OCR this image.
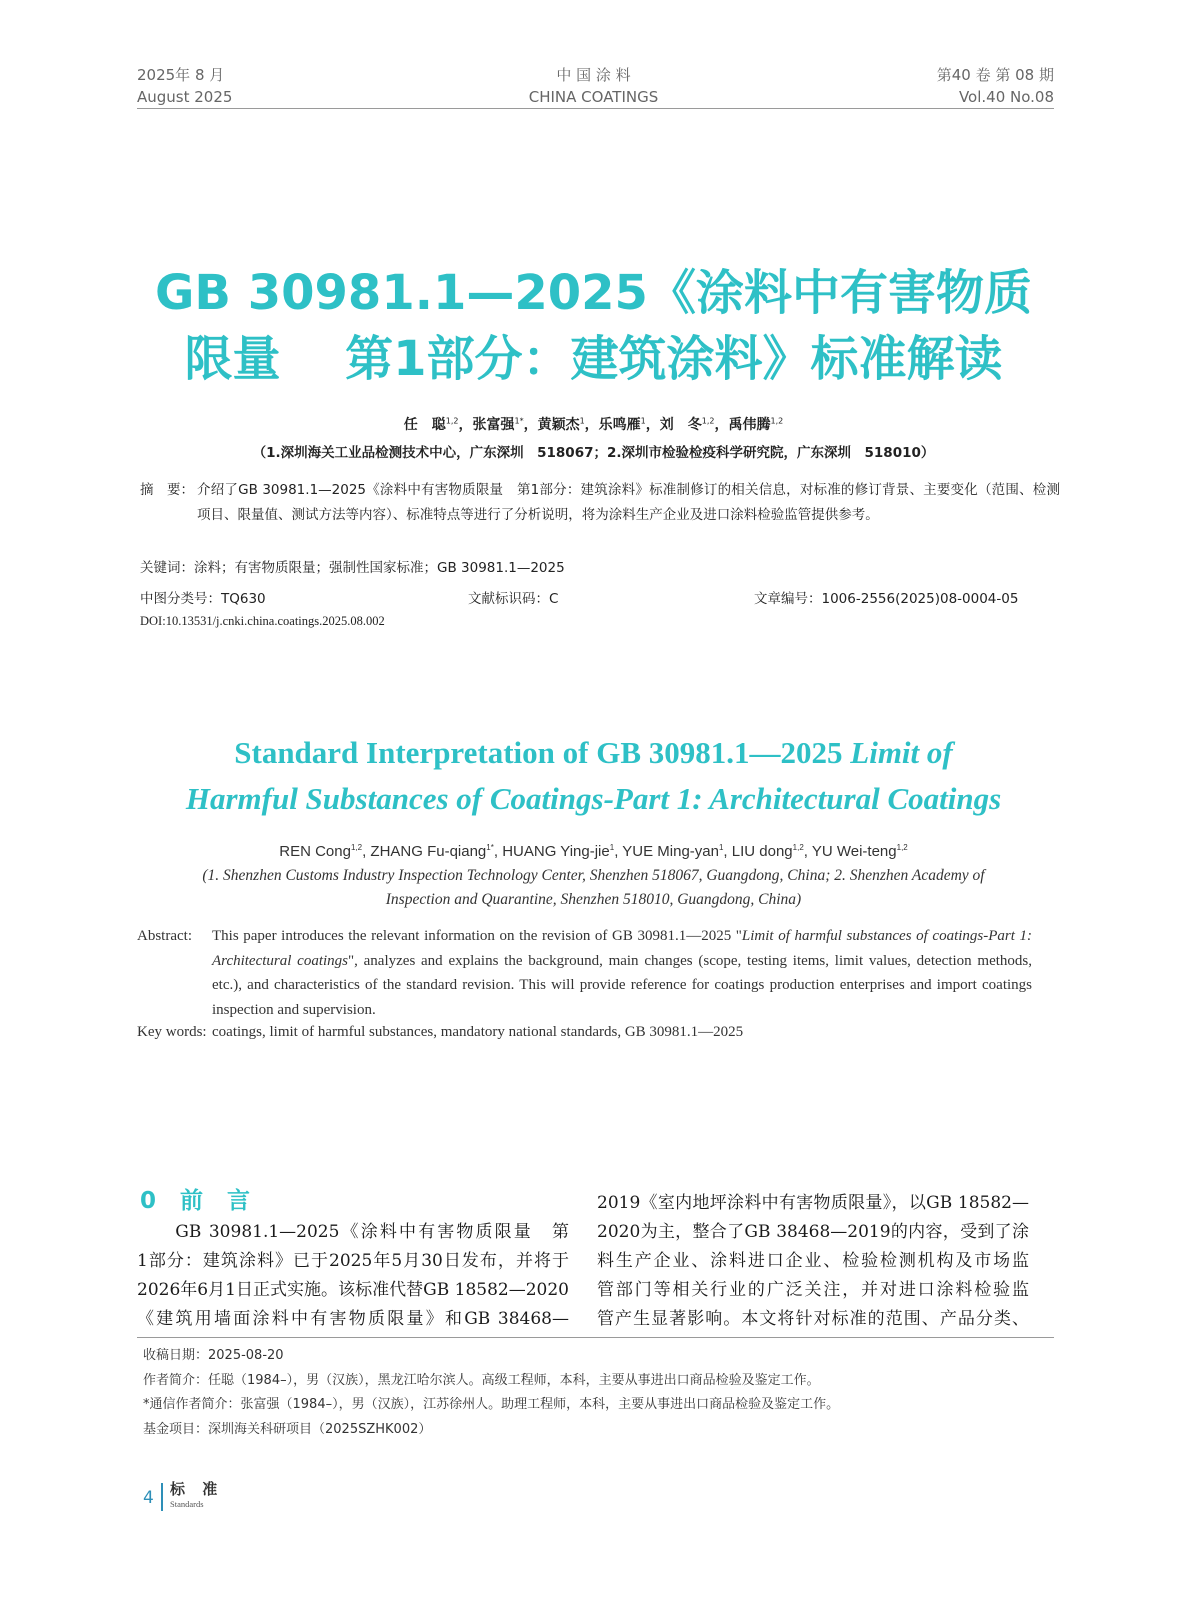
2025年 8 月
August 2025
中 国 涂 料
CHINA COATINGS
第40 卷 第 08 期
Vol.40 No.08
GB 30981.1—2025《涂料中有害物质
限量　 第1部分：建筑涂料》标准解读
任　聪$^{1,2}$，张富强$^{1*}$，黄颖杰$^1$，乐鸣雁$^1$，刘　冬$^{1,2}$，禹伟腾$^{1,2}$
（1.深圳海关工业品检测技术中心，广东深圳　518067；2.深圳市检验检疫科学研究院，广东深圳　518010）
摘　要： 介绍了GB 30981.1—2025《涂料中有害物质限量　第1部分：建筑涂料》标准制修订的相关信息，对标准的修订背景、主要变化（范围、检测项目、限量值、测试方法等内容）、标准特点等进行了分析说明，将为涂料生产企业及进口涂料检验监管提供参考。
关键词：涂料；有害物质限量；强制性国家标准；GB 30981.1—2025
中图分类号：TQ630	文献标识码：C	文章编号：1006-2556(2025)08-0004-05
DOI:10.13531/j.cnki.china.coatings.2025.08.002
Standard Interpretation of GB 30981.1—2025 Limit of
Harmful Substances of Coatings-Part 1: Architectural Coatings
REN Cong$^{1,2}$, ZHANG Fu-qiang$^{1*}$, HUANG Ying-jie$^1$, YUE Ming-yan$^1$, LIU dong$^{1,2}$, YU Wei-teng$^{1,2}$
(1. Shenzhen Customs Industry Inspection Technology Center, Shenzhen 518067, Guangdong, China; 2. Shenzhen Academy of
Inspection and Quarantine, Shenzhen 518010, Guangdong, China)
Abstract: This paper introduces the relevant information on the revision of GB 30981.1—2025 "Limit of harmful substances of coatings-Part 1: Architectural coatings", analyzes and explains the background, main changes (scope, testing items, limit values, detection methods, etc.), and characteristics of the standard revision. This will provide reference for coatings production enterprises and import coatings inspection and supervision.
Key words: coatings, limit of harmful substances, mandatory national standards, GB 30981.1—2025
0 前 言
　　GB 30981.1—2025《涂料中有害物质限量　第
1部分：建筑涂料》已于2025年5月30日发布，并将于
2026年6月1日正式实施。该标准代替GB 18582—2020
《建筑用墙面涂料中有害物质限量》和GB 38468—
2019《室内地坪涂料中有害物质限量》，以GB 18582—
2020为主，整合了GB 38468—2019的内容，受到了涂
料生产企业、涂料进口企业、检验检测机构及市场监
管部门等相关行业的广泛关注，并对进口涂料检验监
管产生显著影响。本文将针对标准的范围、产品分类、
收稿日期：2025-08-20
作者简介：任聪（1984–），男（汉族），黑龙江哈尔滨人。高级工程师，本科，主要从事进出口商品检验及鉴定工作。
*通信作者简介：张富强（1984–），男（汉族），江苏徐州人。助理工程师，本科，主要从事进出口商品检验及鉴定工作。
基金项目：深圳海关科研项目（2025SZHK002）
4 标 准
Standards
